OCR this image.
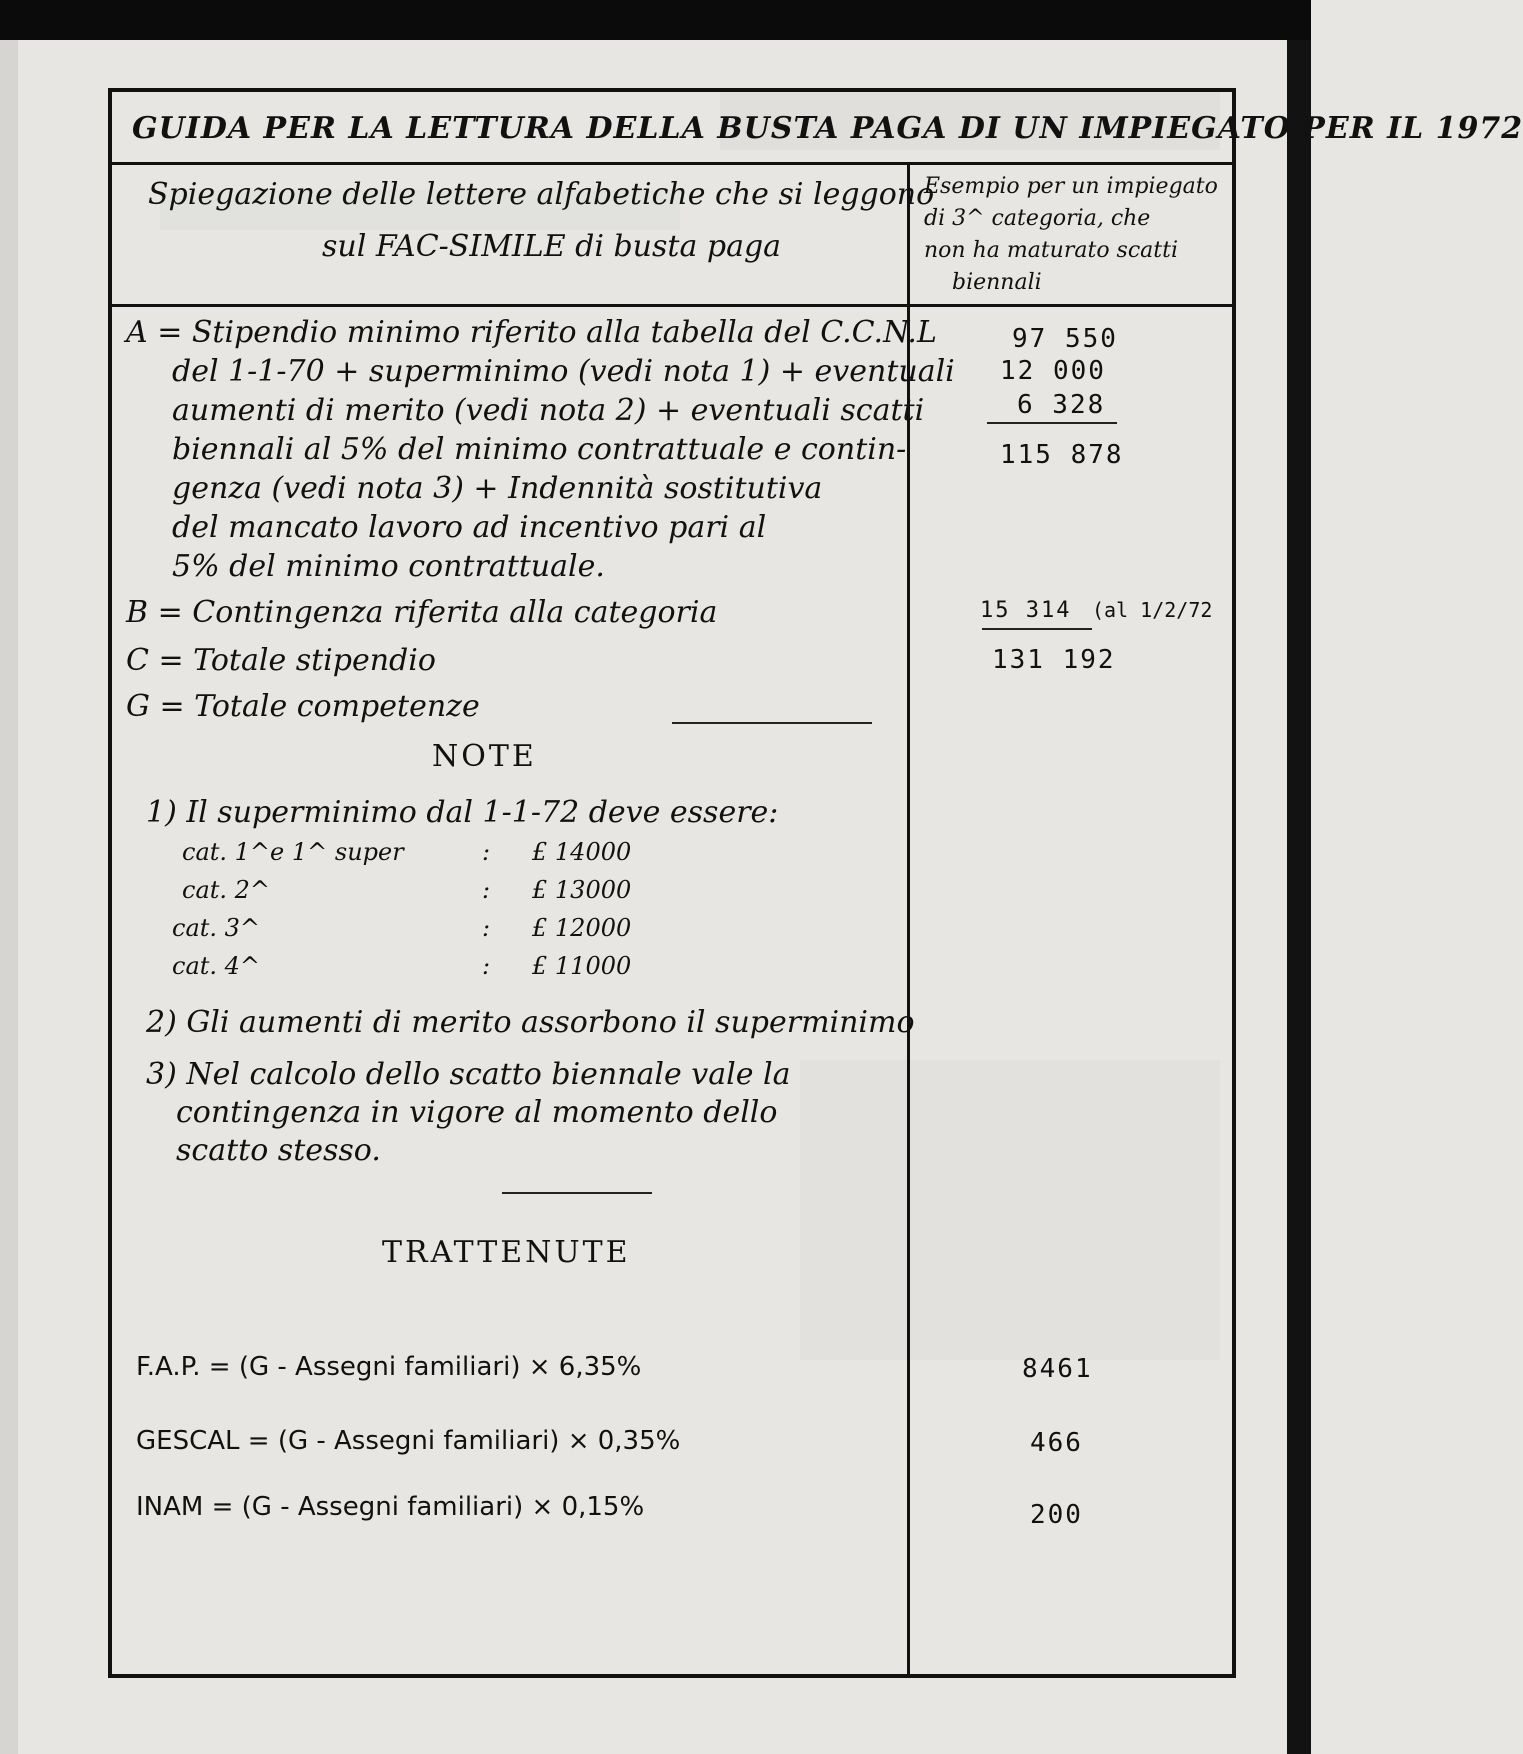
GUIDA PER LA LETTURA DELLA BUSTA PAGA DI UN IMPIEGATO PER IL 1972
Spiegazione delle lettere alfabetiche che si leggono
sul FAC-SIMILE di busta paga
Esempio per un impiegato
di 3^ categoria, che
non ha maturato scatti
biennali
A = Stipendio minimo riferito alla tabella del C.C.N.L
del 1-1-70 + superminimo (vedi nota 1) + eventuali
aumenti di merito (vedi nota 2) + eventuali scatti
biennali al 5% del minimo contrattuale e contin-
genza (vedi nota 3) + Indennità sostitutiva
del mancato lavoro ad incentivo pari al
5% del minimo contrattuale.
97 550
12 000
6 328
115 878
B = Contingenza riferita alla categoria	15 314 (al 1/2/72
C = Totale stipendio	131 192
G = Totale competenze
NOTE
1) Il superminimo dal 1-1-72 deve essere:
cat. 1^e 1^ super	: £ 14000
cat. 2^	: £ 13000
cat. 3^	: £ 12000
cat. 4^	: £ 11000
2) Gli aumenti di merito assorbono il superminimo
3) Nel calcolo dello scatto biennale vale la
contingenza in vigore al momento dello
scatto stesso.
TRATTENUTE
F.A.P. = (G - Assegni familiari) × 6,35%	8461
GESCAL = (G - Assegni familiari) × 0,35%	466
INAM = (G - Assegni familiari) × 0,15%	200
